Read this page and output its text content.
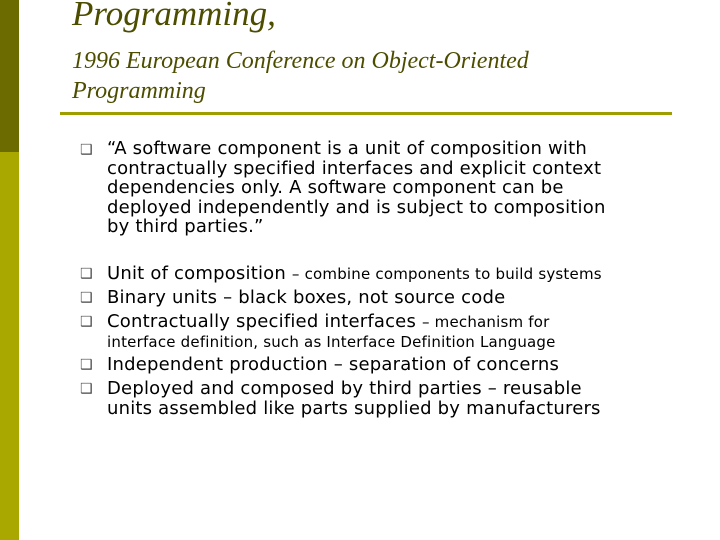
Programming,
1996 European Conference on Object-Oriented
Programming
❑ “A software component is a unit of composition with
contractually specified interfaces and explicit context
dependencies only. A software component can be
deployed independently and is subject to composition
by third parties.”
❑ Unit of composition – combine components to build systems
❑ Binary units – black boxes, not source code
❑ Contractually specified interfaces – mechanism for
interface definition, such as Interface Definition Language
❑ Independent production – separation of concerns
❑ Deployed and composed by third parties – reusable
units assembled like parts supplied by manufacturers
